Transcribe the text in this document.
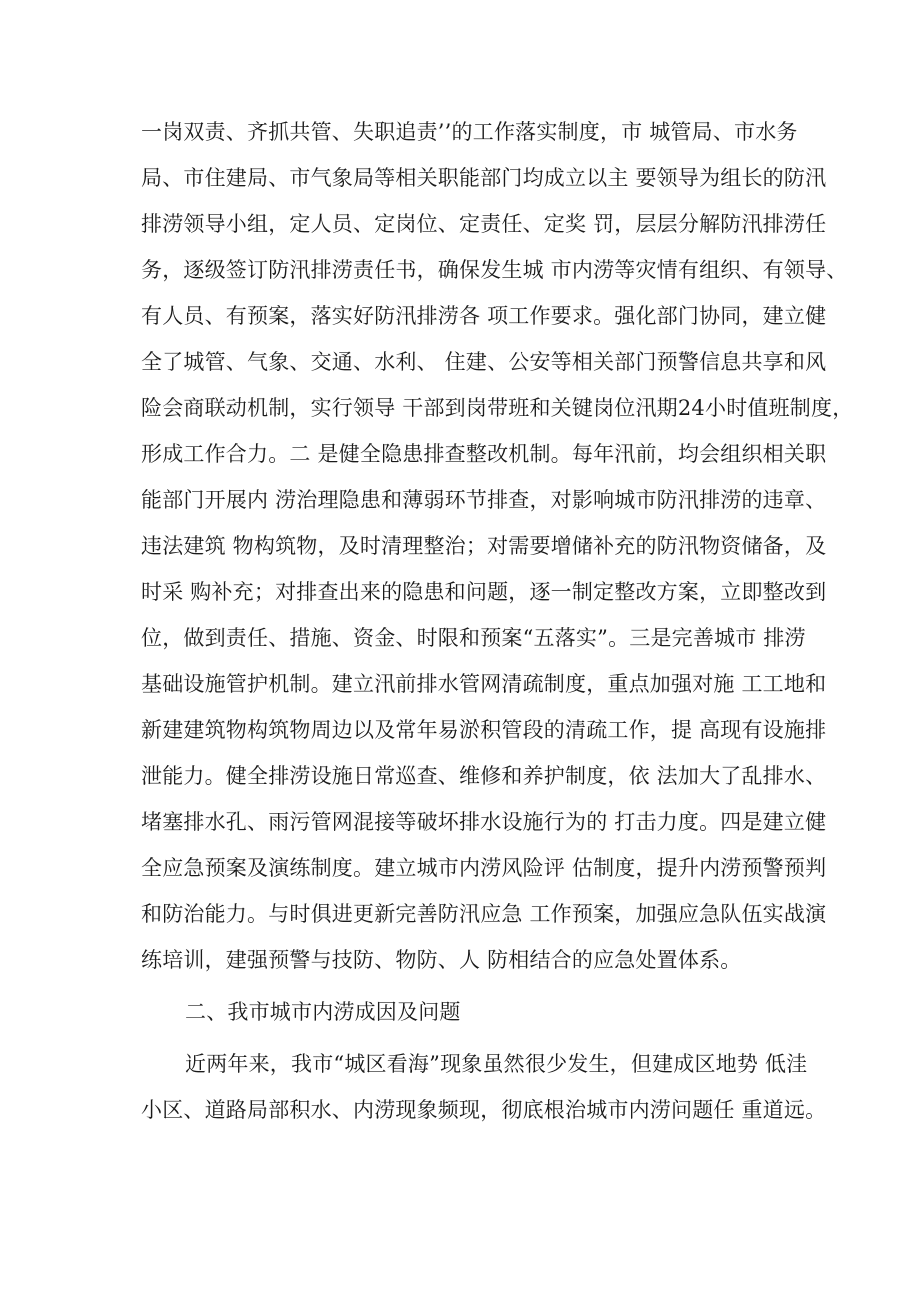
一岗双责、齐抓共管、失职追责’’的工作落实制度，市 城管局、市水务
局、市住建局、市气象局等相关职能部门均成立以主 要领导为组长的防汛
排涝领导小组，定人员、定岗位、定责任、定奖 罚，层层分解防汛排涝任
务，逐级签订防汛排涝责任书，确保发生城 市内涝等灾情有组织、有领导、
有人员、有预案，落实好防汛排涝各 项工作要求。强化部门协同，建立健
全了城管、气象、交通、水利、 住建、公安等相关部门预警信息共享和风
险会商联动机制，实行领导 干部到岗带班和关键岗位汛期24小时值班制度，
形成工作合力。二 是健全隐患排查整改机制。每年汛前，均会组织相关职
能部门开展内 涝治理隐患和薄弱环节排查，对影响城市防汛排涝的违章、
违法建筑 物构筑物，及时清理整治；对需要增储补充的防汛物资储备，及
时采 购补充；对排查出来的隐患和问题，逐一制定整改方案，立即整改到
位，做到责任、措施、资金、时限和预案“五落实”。三是完善城市 排涝
基础设施管护机制。建立汛前排水管网清疏制度，重点加强对施 工工地和
新建建筑物构筑物周边以及常年易淤积管段的清疏工作，提 高现有设施排
泄能力。健全排涝设施日常巡查、维修和养护制度，依 法加大了乱排水、
堵塞排水孔、雨污管网混接等破坏排水设施行为的 打击力度。四是建立健
全应急预案及演练制度。建立城市内涝风险评 估制度，提升内涝预警预判
和防治能力。与时俱进更新完善防汛应急 工作预案，加强应急队伍实战演
练培训，建强预警与技防、物防、人 防相结合的应急处置体系。
二、我市城市内涝成因及问题
近两年来，我市“城区看海”现象虽然很少发生，但建成区地势 低洼
小区、道路局部积水、内涝现象频现，彻底根治城市内涝问题任 重道远。
